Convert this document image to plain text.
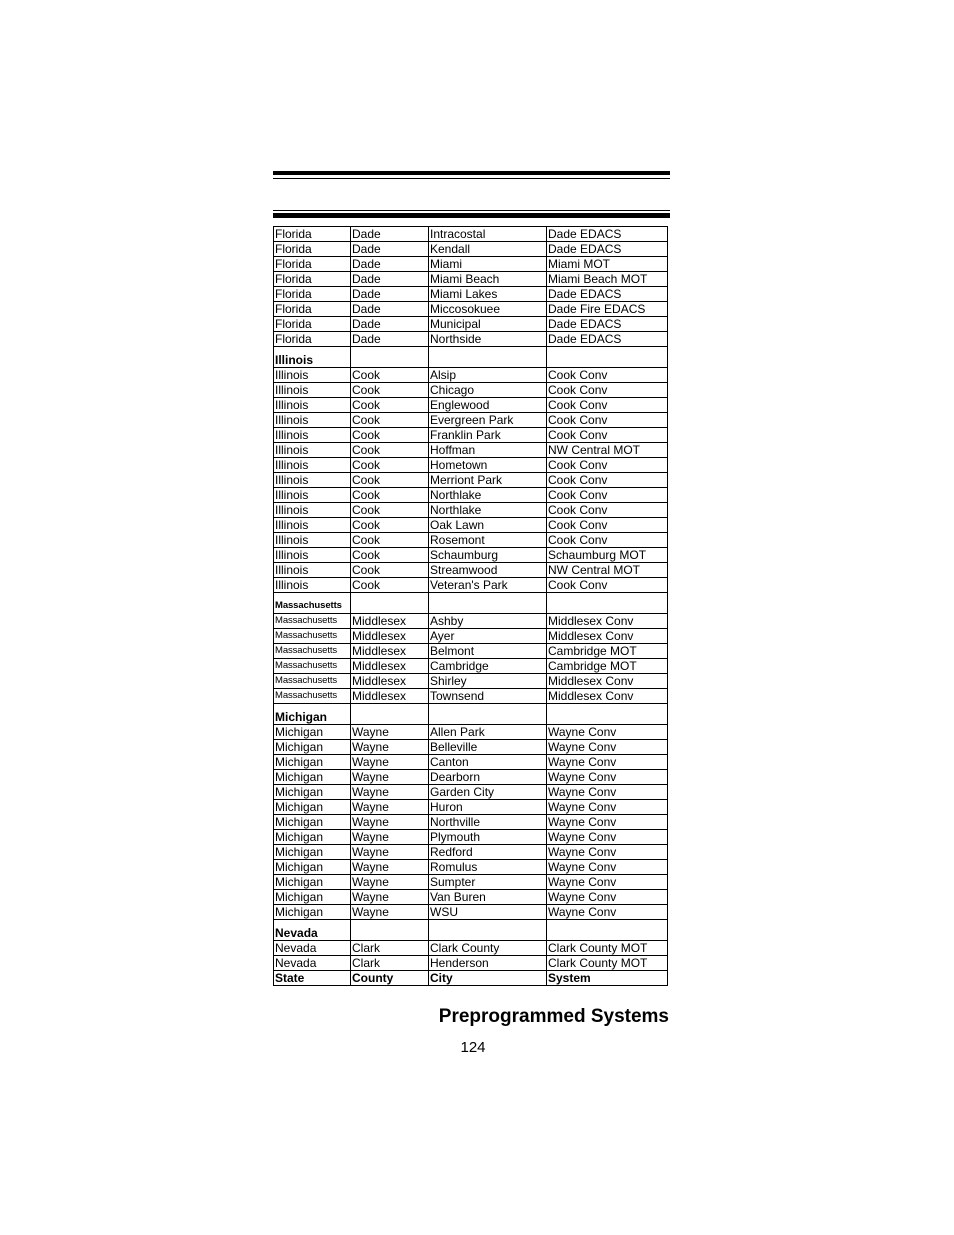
Florida	Dade	Intracostal	Dade EDACS
Florida	Dade	Kendall	Dade EDACS
Florida	Dade	Miami	Miami MOT
Florida	Dade	Miami Beach	Miami Beach MOT
Florida	Dade	Miami Lakes	Dade EDACS
Florida	Dade	Miccosokuee	Dade Fire EDACS
Florida	Dade	Municipal	Dade EDACS
Florida	Dade	Northside	Dade EDACS
Illinois			
Illinois	Cook	Alsip	Cook Conv
Illinois	Cook	Chicago	Cook Conv
Illinois	Cook	Englewood	Cook Conv
Illinois	Cook	Evergreen Park	Cook Conv
Illinois	Cook	Franklin Park	Cook Conv
Illinois	Cook	Hoffman	NW Central MOT
Illinois	Cook	Hometown	Cook Conv
Illinois	Cook	Merriont Park	Cook Conv
Illinois	Cook	Northlake	Cook Conv
Illinois	Cook	Northlake	Cook Conv
Illinois	Cook	Oak Lawn	Cook Conv
Illinois	Cook	Rosemont	Cook Conv
Illinois	Cook	Schaumburg	Schaumburg MOT
Illinois	Cook	Streamwood	NW Central MOT
Illinois	Cook	Veteran's Park	Cook Conv
Massachusetts			
Massachusetts	Middlesex	Ashby	Middlesex Conv
Massachusetts	Middlesex	Ayer	Middlesex Conv
Massachusetts	Middlesex	Belmont	Cambridge MOT
Massachusetts	Middlesex	Cambridge	Cambridge MOT
Massachusetts	Middlesex	Shirley	Middlesex Conv
Massachusetts	Middlesex	Townsend	Middlesex Conv
Michigan			
Michigan	Wayne	Allen Park	Wayne Conv
Michigan	Wayne	Belleville	Wayne Conv
Michigan	Wayne	Canton	Wayne Conv
Michigan	Wayne	Dearborn	Wayne Conv
Michigan	Wayne	Garden City	Wayne Conv
Michigan	Wayne	Huron	Wayne Conv
Michigan	Wayne	Northville	Wayne Conv
Michigan	Wayne	Plymouth	Wayne Conv
Michigan	Wayne	Redford	Wayne Conv
Michigan	Wayne	Romulus	Wayne Conv
Michigan	Wayne	Sumpter	Wayne Conv
Michigan	Wayne	Van Buren	Wayne Conv
Michigan	Wayne	WSU	Wayne Conv
Nevada			
Nevada	Clark	Clark County	Clark County MOT
Nevada	Clark	Henderson	Clark County MOT
State	County	City	System
Preprogrammed Systems
124
